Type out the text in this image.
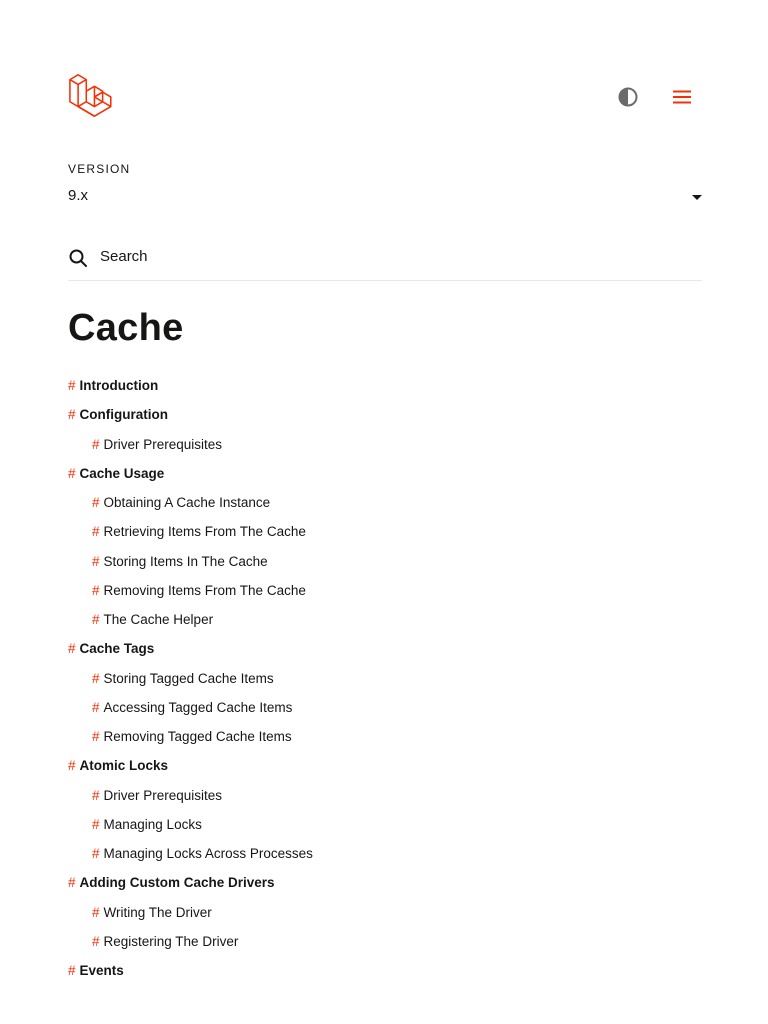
VERSION
9.x
Search
Cache
# Introduction
# Configuration
# Driver Prerequisites
# Cache Usage
# Obtaining A Cache Instance
# Retrieving Items From The Cache
# Storing Items In The Cache
# Removing Items From The Cache
# The Cache Helper
# Cache Tags
# Storing Tagged Cache Items
# Accessing Tagged Cache Items
# Removing Tagged Cache Items
# Atomic Locks
# Driver Prerequisites
# Managing Locks
# Managing Locks Across Processes
# Adding Custom Cache Drivers
# Writing The Driver
# Registering The Driver
# Events
